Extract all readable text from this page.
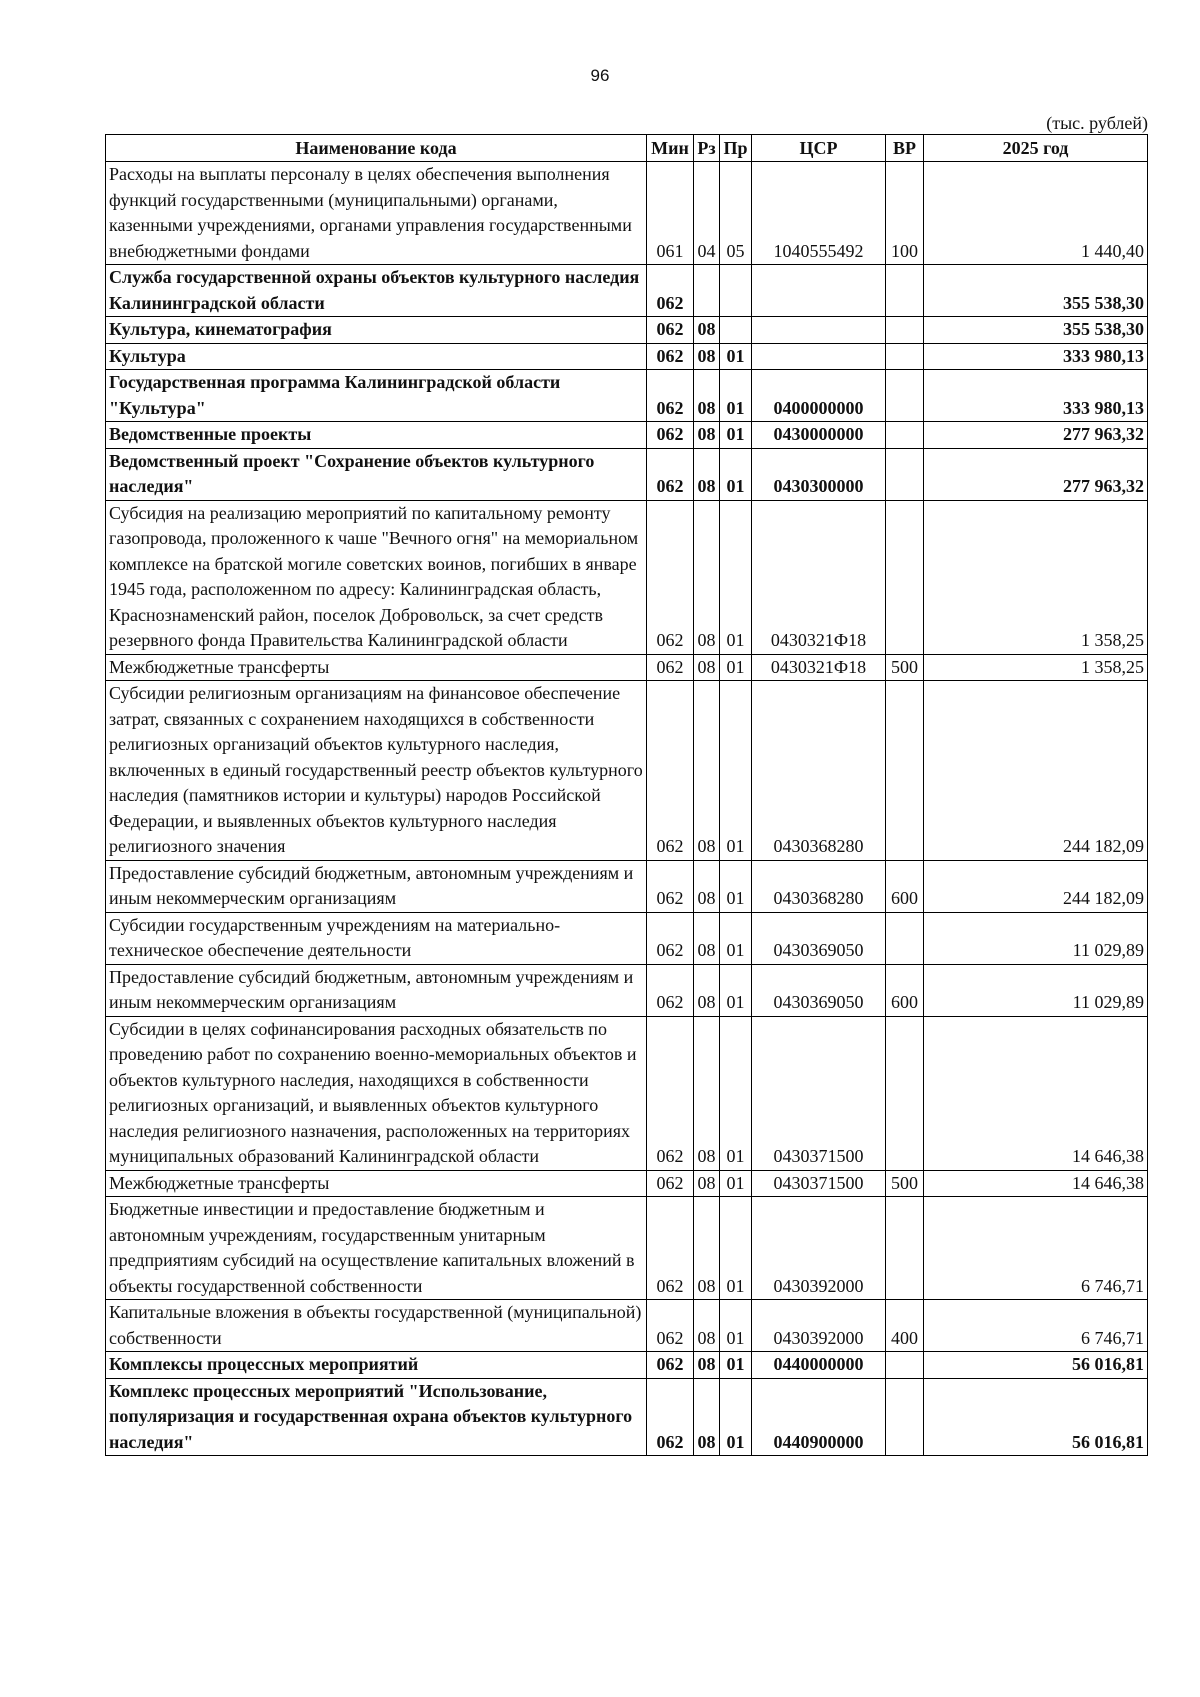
96
(тыс. рублей)
Наименование кода	Мин	Рз	Пр	ЦСР	ВР	2025 год
Расходы на выплаты персоналу в целях обеспечения выполнения функций государственными (муниципальными) органами, казенными учреждениями, органами управления государственными внебюджетными фондами	061	04	05	1040555492	100	1 440,40
Служба государственной охраны объектов культурного наследия Калининградской области	062					355 538,30
Культура, кинематография	062	08				355 538,30
Культура	062	08	01			333 980,13
Государственная программа Калининградской области "Культура"	062	08	01	0400000000		333 980,13
Ведомственные проекты	062	08	01	0430000000		277 963,32
Ведомственный проект "Сохранение объектов культурного наследия"	062	08	01	0430300000		277 963,32
Субсидия на реализацию мероприятий по капитальному ремонту газопровода, проложенного к чаше "Вечного огня" на мемориальном комплексе на братской могиле советских воинов, погибших в январе 1945 года, расположенном по адресу: Калининградская область, Краснознаменский район, поселок Добровольск, за счет средств резервного фонда Правительства Калининградской области	062	08	01	0430321Ф18		1 358,25
Межбюджетные трансферты	062	08	01	0430321Ф18	500	1 358,25
Субсидии религиозным организациям на финансовое обеспечение затрат, связанных с сохранением находящихся в собственности религиозных организаций объектов культурного наследия, включенных в единый государственный реестр объектов культурного наследия (памятников истории и культуры) народов Российской Федерации, и выявленных объектов культурного наследия религиозного значения	062	08	01	0430368280		244 182,09
Предоставление субсидий бюджетным, автономным учреждениям и иным некоммерческим организациям	062	08	01	0430368280	600	244 182,09
Субсидии государственным учреждениям на материально-техническое обеспечение деятельности	062	08	01	0430369050		11 029,89
Предоставление субсидий бюджетным, автономным учреждениям и иным некоммерческим организациям	062	08	01	0430369050	600	11 029,89
Субсидии в целях софинансирования расходных обязательств по проведению работ по сохранению военно-мемориальных объектов и объектов культурного наследия, находящихся в собственности религиозных организаций, и выявленных объектов культурного наследия религиозного назначения, расположенных на территориях муниципальных образований Калининградской области	062	08	01	0430371500		14 646,38
Межбюджетные трансферты	062	08	01	0430371500	500	14 646,38
Бюджетные инвестиции и предоставление бюджетным и автономным учреждениям, государственным унитарным предприятиям субсидий на осуществление капитальных вложений в объекты государственной собственности	062	08	01	0430392000		6 746,71
Капитальные вложения в объекты государственной (муниципальной) собственности	062	08	01	0430392000	400	6 746,71
Комплексы процессных мероприятий	062	08	01	0440000000		56 016,81
Комплекс процессных мероприятий "Использование, популяризация и государственная охрана объектов культурного наследия"	062	08	01	0440900000		56 016,81
